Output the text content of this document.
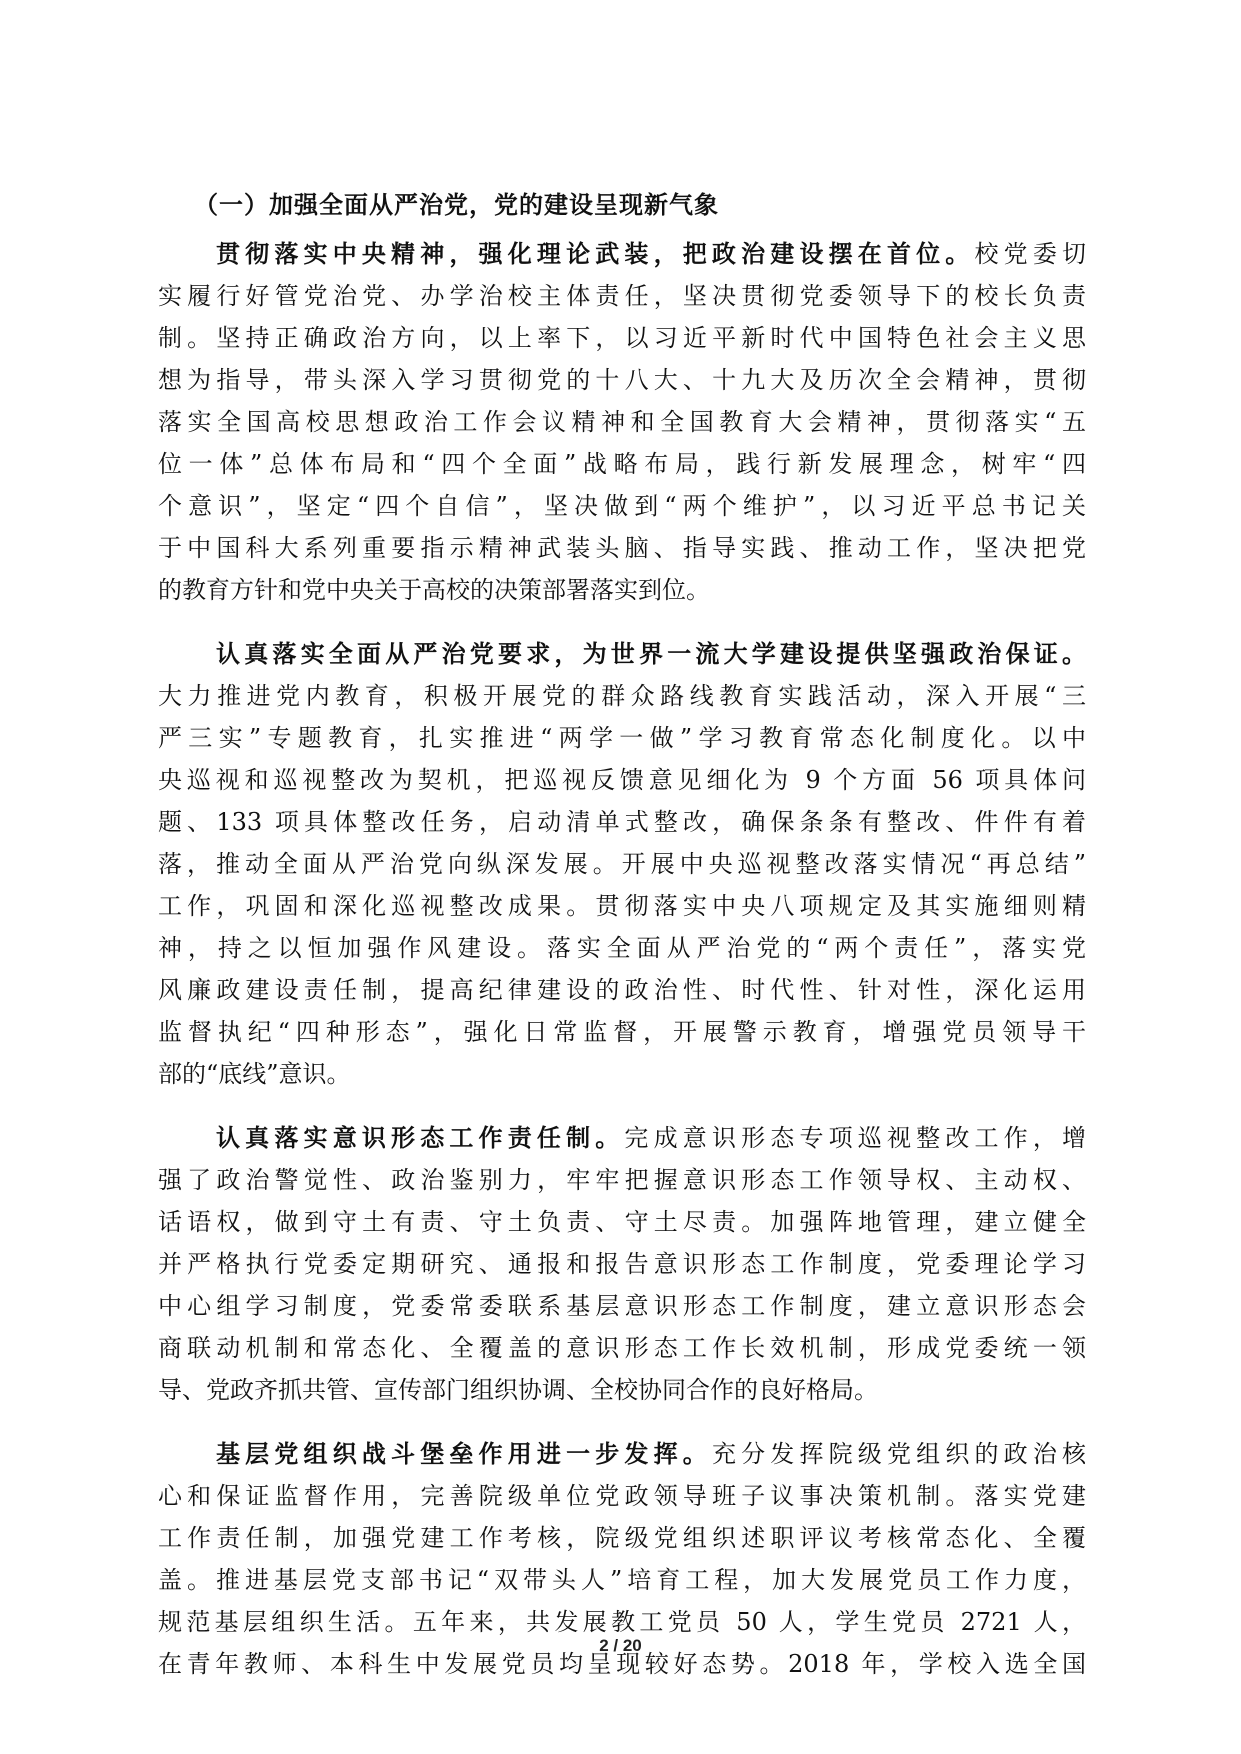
（一）加强全面从严治党，党的建设呈现新气象
贯彻落实中央精神，强化理论武装，把政治建设摆在首位。校党委切
实履行好管党治党、办学治校主体责任，坚决贯彻党委领导下的校长负责
制。坚持正确政治方向，以上率下，以习近平新时代中国特色社会主义思
想为指导，带头深入学习贯彻党的十八大、十九大及历次全会精神，贯彻
落实全国高校思想政治工作会议精神和全国教育大会精神，贯彻落实“五
位一体”总体布局和“四个全面”战略布局，践行新发展理念，树牢“四
个意识”，坚定“四个自信”，坚决做到“两个维护”，以习近平总书记关
于中国科大系列重要指示精神武装头脑、指导实践、推动工作，坚决把党
的教育方针和党中央关于高校的决策部署落实到位。
认真落实全面从严治党要求，为世界一流大学建设提供坚强政治保证。
大力推进党内教育，积极开展党的群众路线教育实践活动，深入开展“三
严三实”专题教育，扎实推进“两学一做”学习教育常态化制度化。以中
央巡视和巡视整改为契机，把巡视反馈意见细化为 9 个方面 56 项具体问
题、133 项具体整改任务，启动清单式整改，确保条条有整改、件件有着
落，推动全面从严治党向纵深发展。开展中央巡视整改落实情况“再总结”
工作，巩固和深化巡视整改成果。贯彻落实中央八项规定及其实施细则精
神，持之以恒加强作风建设。落实全面从严治党的“两个责任”，落实党
风廉政建设责任制，提高纪律建设的政治性、时代性、针对性，深化运用
监督执纪“四种形态”，强化日常监督，开展警示教育，增强党员领导干
部的“底线”意识。
认真落实意识形态工作责任制。完成意识形态专项巡视整改工作，增
强了政治警觉性、政治鉴别力，牢牢把握意识形态工作领导权、主动权、
话语权，做到守土有责、守土负责、守土尽责。加强阵地管理，建立健全
并严格执行党委定期研究、通报和报告意识形态工作制度，党委理论学习
中心组学习制度，党委常委联系基层意识形态工作制度，建立意识形态会
商联动机制和常态化、全覆盖的意识形态工作长效机制，形成党委统一领
导、党政齐抓共管、宣传部门组织协调、全校协同合作的良好格局。
基层党组织战斗堡垒作用进一步发挥。充分发挥院级党组织的政治核
心和保证监督作用，完善院级单位党政领导班子议事决策机制。落实党建
工作责任制，加强党建工作考核，院级党组织述职评议考核常态化、全覆
盖。推进基层党支部书记“双带头人”培育工程，加大发展党员工作力度，
规范基层组织生活。五年来，共发展教工党员 50 人，学生党员 2721 人，
在青年教师、本科生中发展党员均呈现较好态势。2018 年，学校入选全国
2 / 20
